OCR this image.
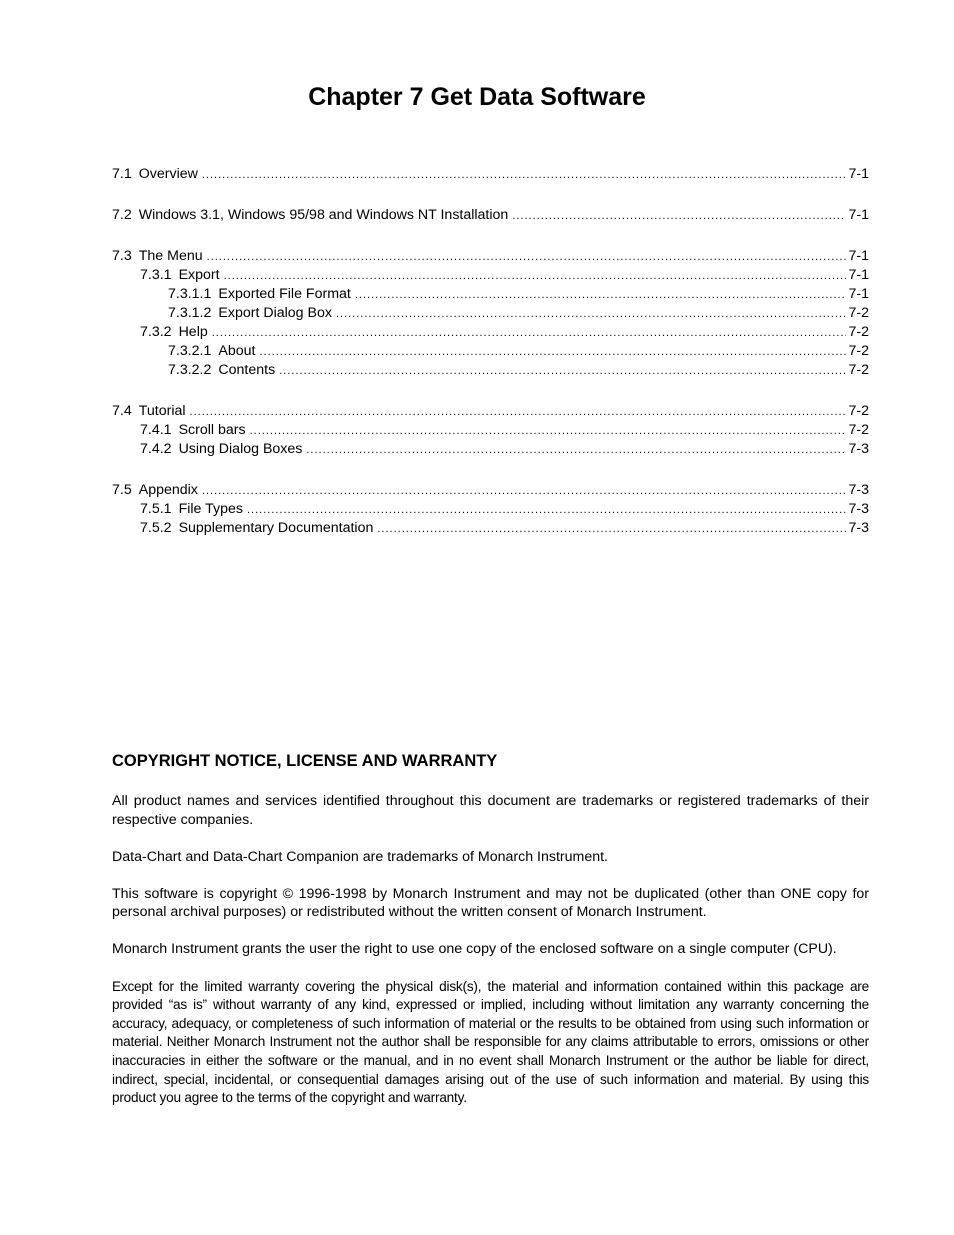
Chapter 7 Get Data Software
7.1 Overview .....	7-1
7.2 Windows 3.1, Windows 95/98 and Windows NT Installation .....	7-1
7.3 The Menu .....	7-1
7.3.1 Export .....	7-1
7.3.1.1 Exported File Format .....	7-1
7.3.1.2 Export Dialog Box .....	7-2
7.3.2 Help .....	7-2
7.3.2.1 About .....	7-2
7.3.2.2 Contents .....	7-2
7.4 Tutorial .....	7-2
7.4.1 Scroll bars .....	7-2
7.4.2 Using Dialog Boxes .....	7-3
7.5 Appendix .....	7-3
7.5.1 File Types .....	7-3
7.5.2 Supplementary Documentation .....	7-3
COPYRIGHT NOTICE, LICENSE AND WARRANTY

All product names and services identified throughout this document are trademarks or registered trademarks of their respective companies.

Data-Chart and Data-Chart Companion are trademarks of Monarch Instrument.

This software is copyright © 1996-1998 by Monarch Instrument and may not be duplicated (other than ONE copy for personal archival purposes) or redistributed without the written consent of Monarch Instrument.

Monarch Instrument grants the user the right to use one copy of the enclosed software on a single computer (CPU).

Except for the limited warranty covering the physical disk(s), the material and information contained within this package are provided “as is” without warranty of any kind, expressed or implied, including without limitation any warranty concerning the accuracy, adequacy, or completeness of such information of material or the results to be obtained from using such information or material. Neither Monarch Instrument not the author shall be responsible for any claims attributable to errors, omissions or other inaccuracies in either the software or the manual, and in no event shall Monarch Instrument or the author be liable for direct, indirect, special, incidental, or consequential damages arising out of the use of such information and material. By using this product you agree to the terms of the copyright and warranty.
